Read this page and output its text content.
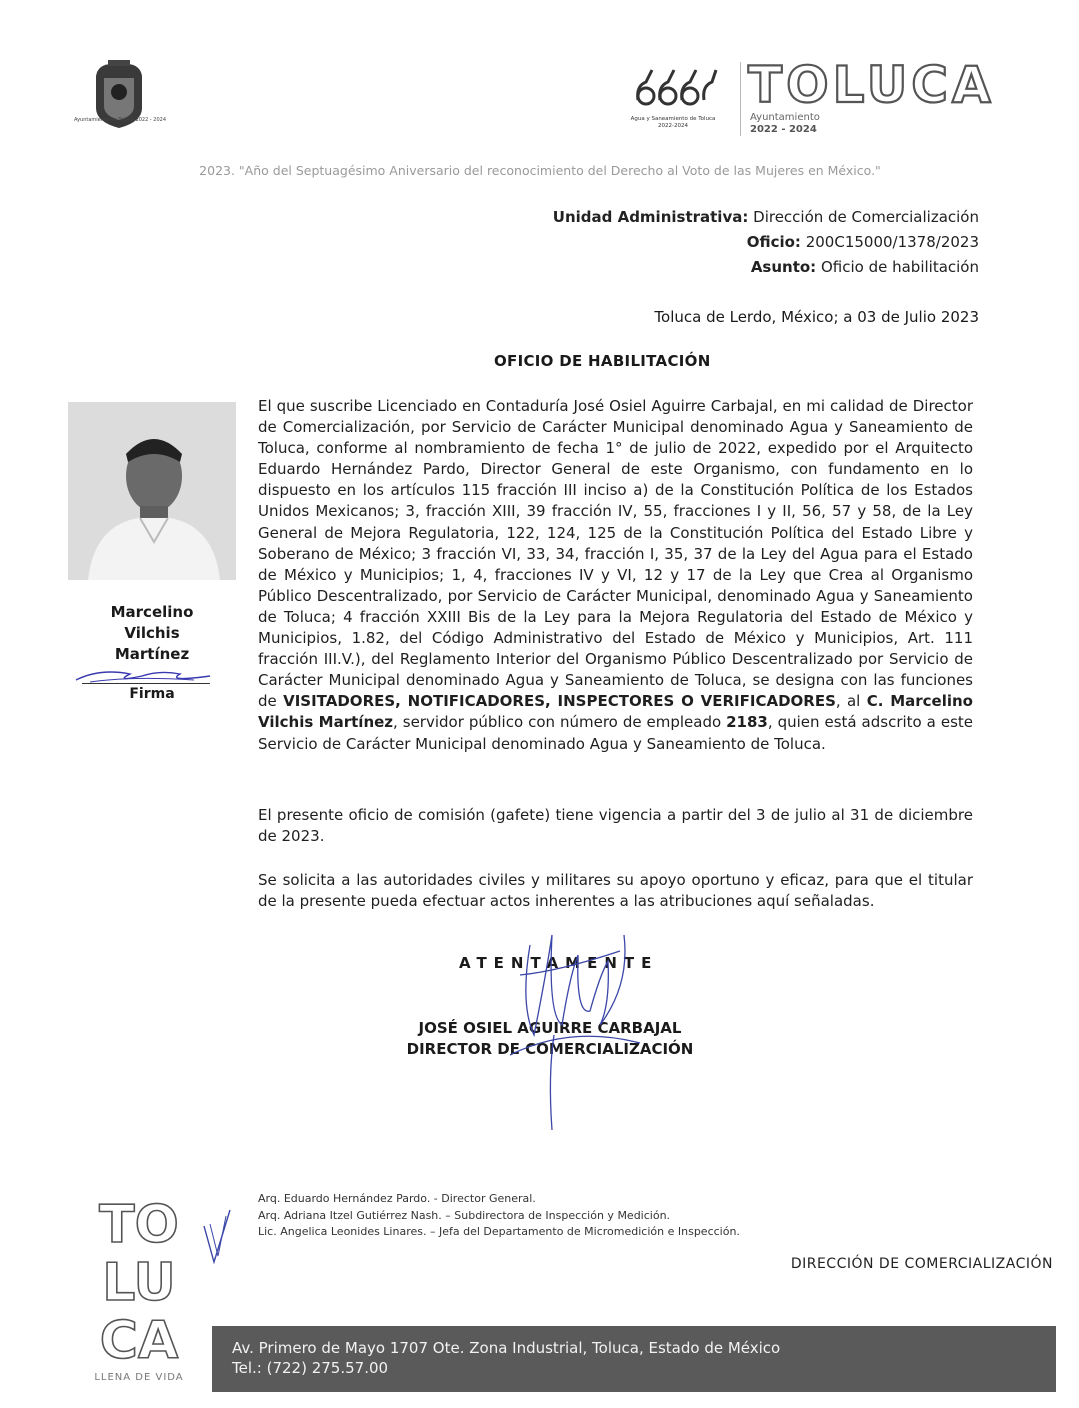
Ayuntamiento de Toluca 2022 - 2024	Agua y Saneamiento de Toluca
2022-2024
TOLUCA
Ayuntamiento
2022 - 2024
2023. "Año del Septuagésimo Aniversario del reconocimiento del Derecho al Voto de las Mujeres en México."
Unidad Administrativa: Dirección de Comercialización
Oficio: 200C15000/1378/2023
Asunto: Oficio de habilitación
Toluca de Lerdo, México; a 03 de Julio 2023
OFICIO DE HABILITACIÓN
Marcelino
Vilchis
Martínez
Firma

El que suscribe Licenciado en Contaduría José Osiel Aguirre Carbajal, en mi calidad de Director de Comercialización, por Servicio de Carácter Municipal denominado Agua y Saneamiento de Toluca, conforme al nombramiento de fecha 1° de julio de 2022, expedido por el Arquitecto Eduardo Hernández Pardo, Director General de este Organismo, con fundamento en lo dispuesto en los artículos 115 fracción III inciso a) de la Constitución Política de los Estados Unidos Mexicanos; 3, fracción XIII, 39 fracción IV, 55, fracciones I y II, 56, 57 y 58, de la Ley General de Mejora Regulatoria, 122, 124, 125 de la Constitución Política del Estado Libre y Soberano de México; 3 fracción VI, 33, 34, fracción I, 35, 37 de la Ley del Agua para el Estado de México y Municipios; 1, 4, fracciones IV y VI, 12 y 17 de la Ley que Crea al Organismo Público Descentralizado, por Servicio de Carácter Municipal, denominado Agua y Saneamiento de Toluca; 4 fracción XXIII Bis de la Ley para la Mejora Regulatoria del Estado de México y Municipios, 1.82, del Código Administrativo del Estado de México y Municipios, Art. 111 fracción III.V.), del Reglamento Interior del Organismo Público Descentralizado por Servicio de Carácter Municipal denominado Agua y Saneamiento de Toluca, se designa con las funciones de VISITADORES, NOTIFICADORES, INSPECTORES O VERIFICADORES, al C. Marcelino Vilchis Martínez, servidor público con número de empleado 2183, quien está adscrito a este Servicio de Carácter Municipal denominado Agua y Saneamiento de Toluca.

El presente oficio de comisión (gafete) tiene vigencia a partir del 3 de julio al 31 de diciembre de 2023.

Se solicita a las autoridades civiles y militares su apoyo oportuno y eficaz, para que el titular de la presente pueda efectuar actos inherentes a las atribuciones aquí señaladas.

ATENTAMENTE
JOSÉ OSIEL AGUIRRE CARBAJAL
DIRECTOR DE COMERCIALIZACIÓN
TO
LU
CA
LLENA DE VIDA
Arq. Eduardo Hernández Pardo. - Director General.
Arq. Adriana Itzel Gutiérrez Nash. – Subdirectora de Inspección y Medición.
Lic. Angelica Leonides Linares. – Jefa del Departamento de Micromedición e Inspección.
DIRECCIÓN DE COMERCIALIZACIÓN
Av. Primero de Mayo 1707 Ote. Zona Industrial, Toluca, Estado de México
Tel.: (722) 275.57.00
